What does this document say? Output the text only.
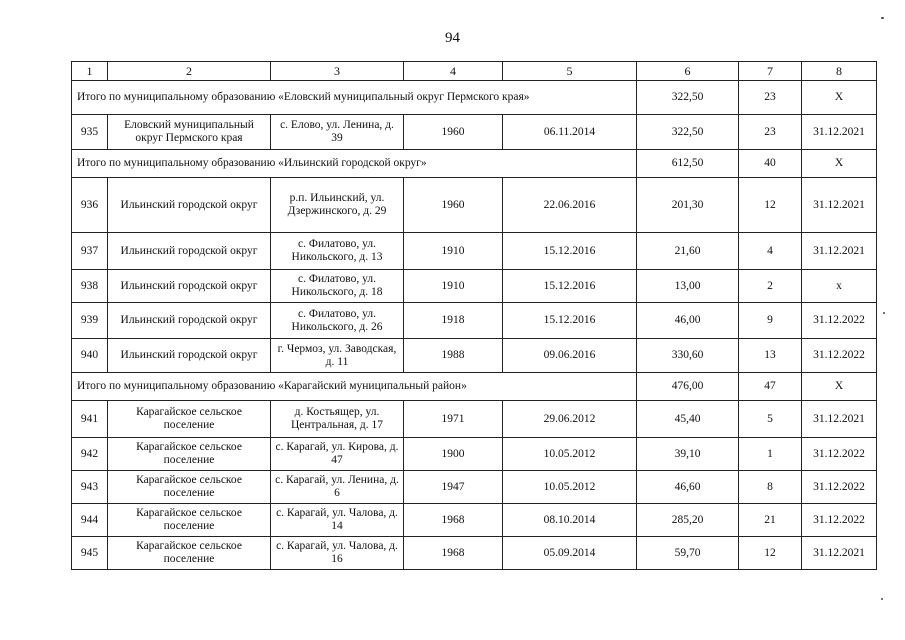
94
1	2	3	4	5	6	7	8
Итого по муниципальному образованию «Еловский муниципальный округ Пермского края»					322,50	23	X
935	Еловский муниципальный округ Пермского края	с. Елово, ул. Ленина, д. 39	1960	06.11.2014	322,50	23	31.12.2021
Итого по муниципальному образованию «Ильинский городской округ»					612,50	40	X
936	Ильинский городской округ	р.п. Ильинский, ул. Дзержинского, д. 29	1960	22.06.2016	201,30	12	31.12.2021
937	Ильинский городской округ	с. Филатово, ул. Никольского, д. 13	1910	15.12.2016	21,60	4	31.12.2021
938	Ильинский городской округ	с. Филатово, ул. Никольского, д. 18	1910	15.12.2016	13,00	2	х
939	Ильинский городской округ	с. Филатово, ул. Никольского, д. 26	1918	15.12.2016	46,00	9	31.12.2022
940	Ильинский городской округ	г. Чермоз, ул. Заводская, д. 11	1988	09.06.2016	330,60	13	31.12.2022
Итого по муниципальному образованию «Карагайский муниципальный район»					476,00	47	X
941	Карагайское сельское поселение	д. Костьящер, ул. Центральная, д. 17	1971	29.06.2012	45,40	5	31.12.2021
942	Карагайское сельское поселение	с. Карагай, ул. Кирова, д. 47	1900	10.05.2012	39,10	1	31.12.2022
943	Карагайское сельское поселение	с. Карагай, ул. Ленина, д. 6	1947	10.05.2012	46,60	8	31.12.2022
944	Карагайское сельское поселение	с. Карагай, ул. Чалова, д. 14	1968	08.10.2014	285,20	21	31.12.2022
945	Карагайское сельское поселение	с. Карагай, ул. Чалова, д. 16	1968	05.09.2014	59,70	12	31.12.2021
